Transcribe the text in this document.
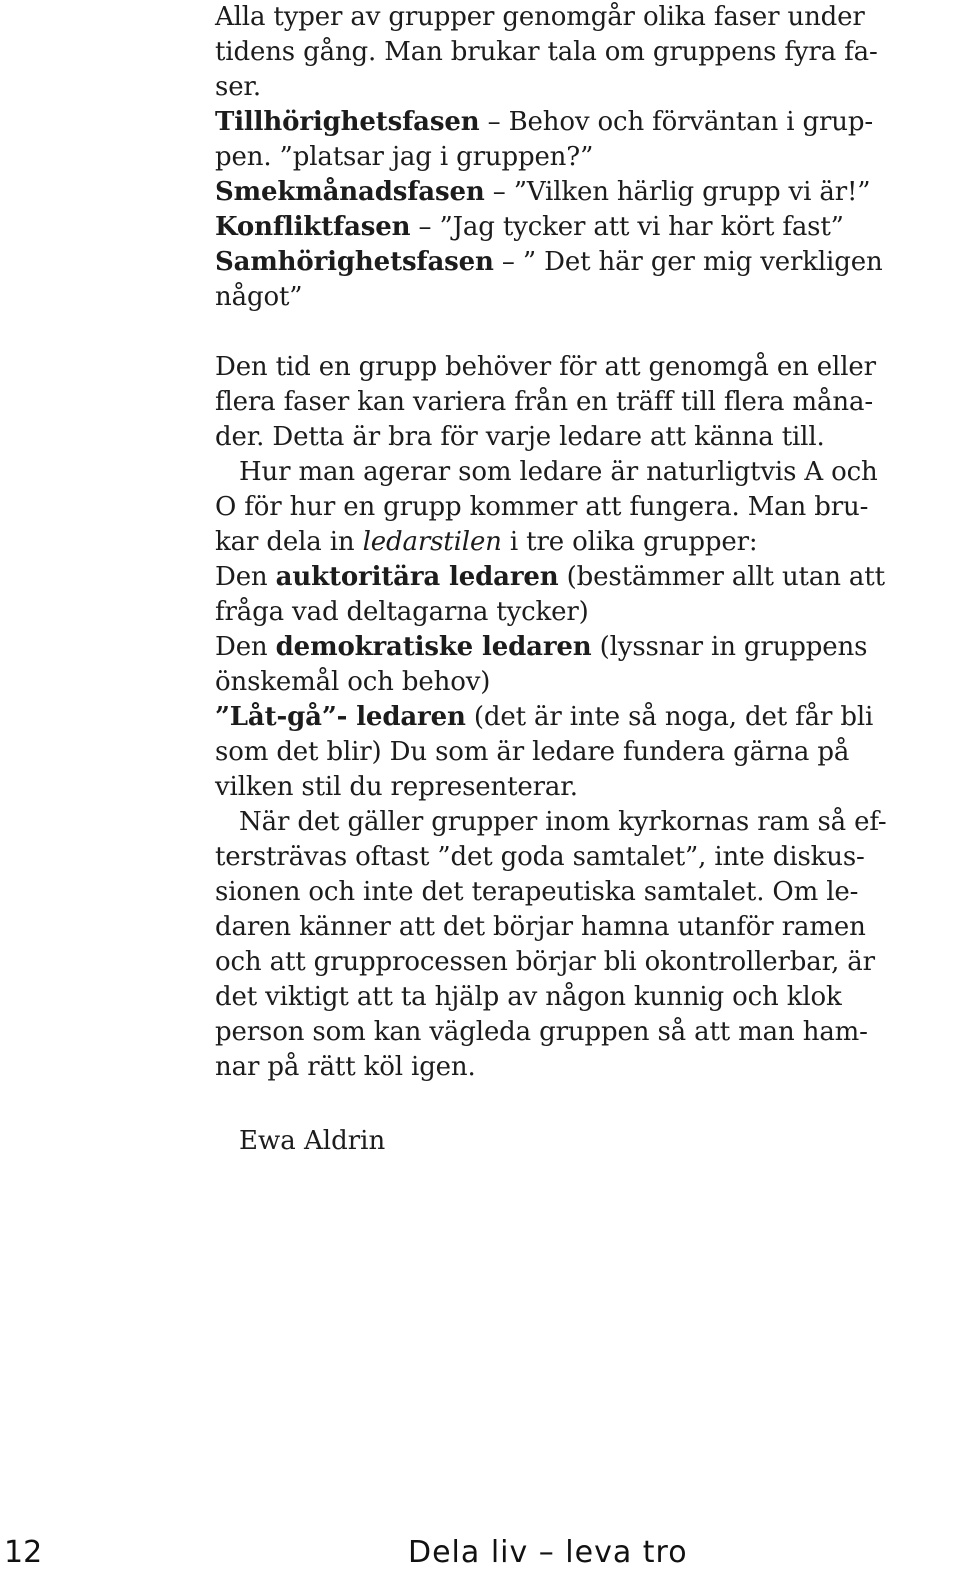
Alla typer av grupper genomgår olika faser under
tidens gång. Man brukar tala om gruppens fyra fa-
ser.
Tillhörighetsfasen – Behov och förväntan i grup-
pen. ”platsar jag i gruppen?”
Smekmånadsfasen – ”Vilken härlig grupp vi är!”
Konfliktfasen – ”Jag tycker att vi har kört fast”
Samhörighetsfasen – ” Det här ger mig verkligen
något”
Den tid en grupp behöver för att genomgå en eller
flera faser kan variera från en träff till flera måna-
der. Detta är bra för varje ledare att känna till.
Hur man agerar som ledare är naturligtvis A och
O för hur en grupp kommer att fungera. Man bru-
kar dela in ledarstilen i tre olika grupper:
Den auktoritära ledaren (bestämmer allt utan att
fråga vad deltagarna tycker)
Den demokratiske ledaren (lyssnar in gruppens
önskemål och behov)
”Låt-gå”- ledaren (det är inte så noga, det får bli
som det blir) Du som är ledare fundera gärna på
vilken stil du representerar.
När det gäller grupper inom kyrkornas ram så ef-
tersträvas oftast ”det goda samtalet”, inte diskus-
sionen och inte det terapeutiska samtalet. Om le-
daren känner att det börjar hamna utanför ramen
och att grupprocessen börjar bli okontrollerbar, är
det viktigt att ta hjälp av någon kunnig och klok
person som kan vägleda gruppen så att man ham-
nar på rätt köl igen.
Ewa Aldrin
12	Dela liv – leva tro
